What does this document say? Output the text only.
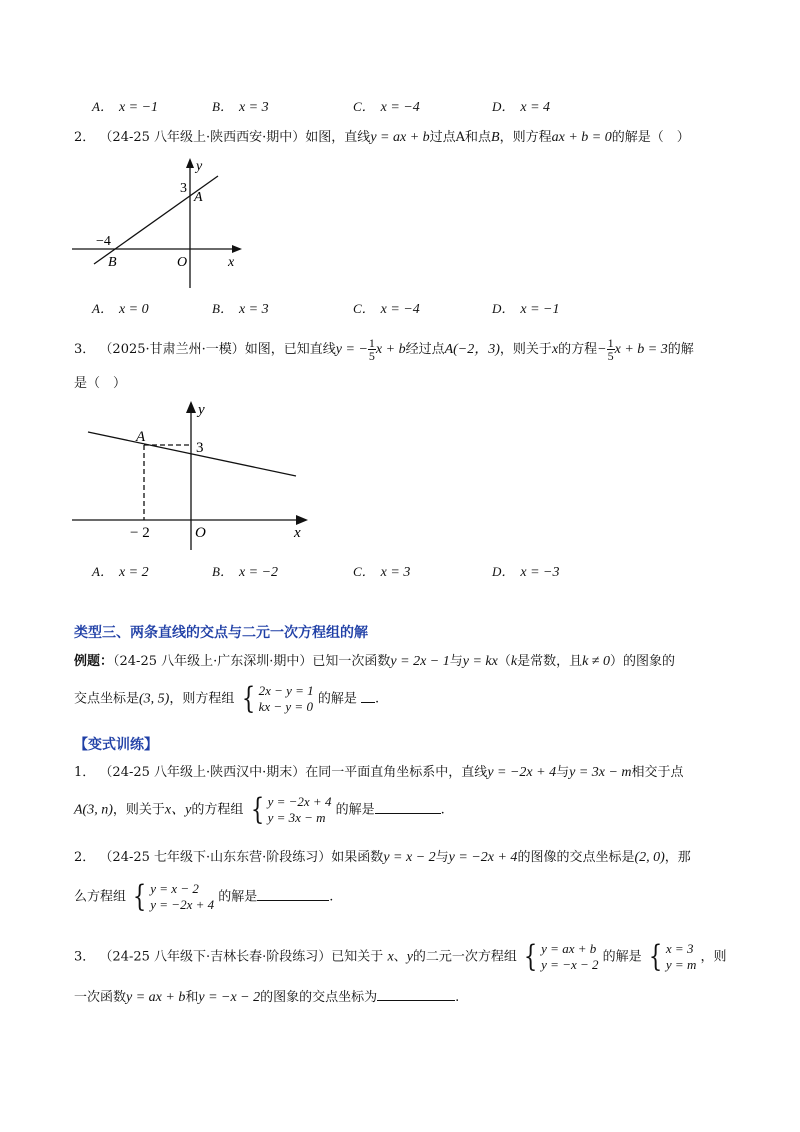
A． x = −1	B． x = 3	C． x = −4	D． x = 4
2． （24-25 八年级上·陕西西安·期中）如图，直线y = ax + b过点A和点B，则方程ax + b = 0的解是（　）
y
x
O
3
A
−4
B
A． x = 0	B． x = 3	C． x = −4	D． x = −1
3． （2025·甘肃兰州·一模）如图，已知直线y = − $\frac{1}{5}$ x + b经过点A(−2，3)，则关于x的方程− $\frac{1}{5}$ x + b = 3的解
是（　）
y
x
O
3
A
− 2
A． x = 2	B． x = −2	C． x = 3	D． x = −3
类型三、两条直线的交点与二元一次方程组的解
例题：（24-25 八年级上·广东深圳·期中）已知一次函数y = 2x − 1与y = kx（k是常数，且k ≠ 0）的图象的
交点坐标是(3, 5)，则方程组 { 2x − y = 1
kx − y = 0 的解是 .
【变式训练】
1． （24-25 八年级上·陕西汉中·期末）在同一平面直角坐标系中，直线y = −2x + 4与y = 3x − m相交于点
A(3, n)，则关于x、y的方程组 { y = −2x + 4
y = 3x − m 的解是	.
2． （24-25 七年级下·山东东营·阶段练习）如果函数y = x − 2与y = −2x + 4的图像的交点坐标是(2, 0)，那
么方程组 { y = x − 2
y = −2x + 4 的解是	.
3． （24-25 八年级下·吉林长春·阶段练习）已知关于 x、y的二元一次方程组 { y = ax + b
y = −x − 2 的解是 { x = 3
y = m ，则
一次函数y = ax + b和y = −x − 2的图象的交点坐标为	.
